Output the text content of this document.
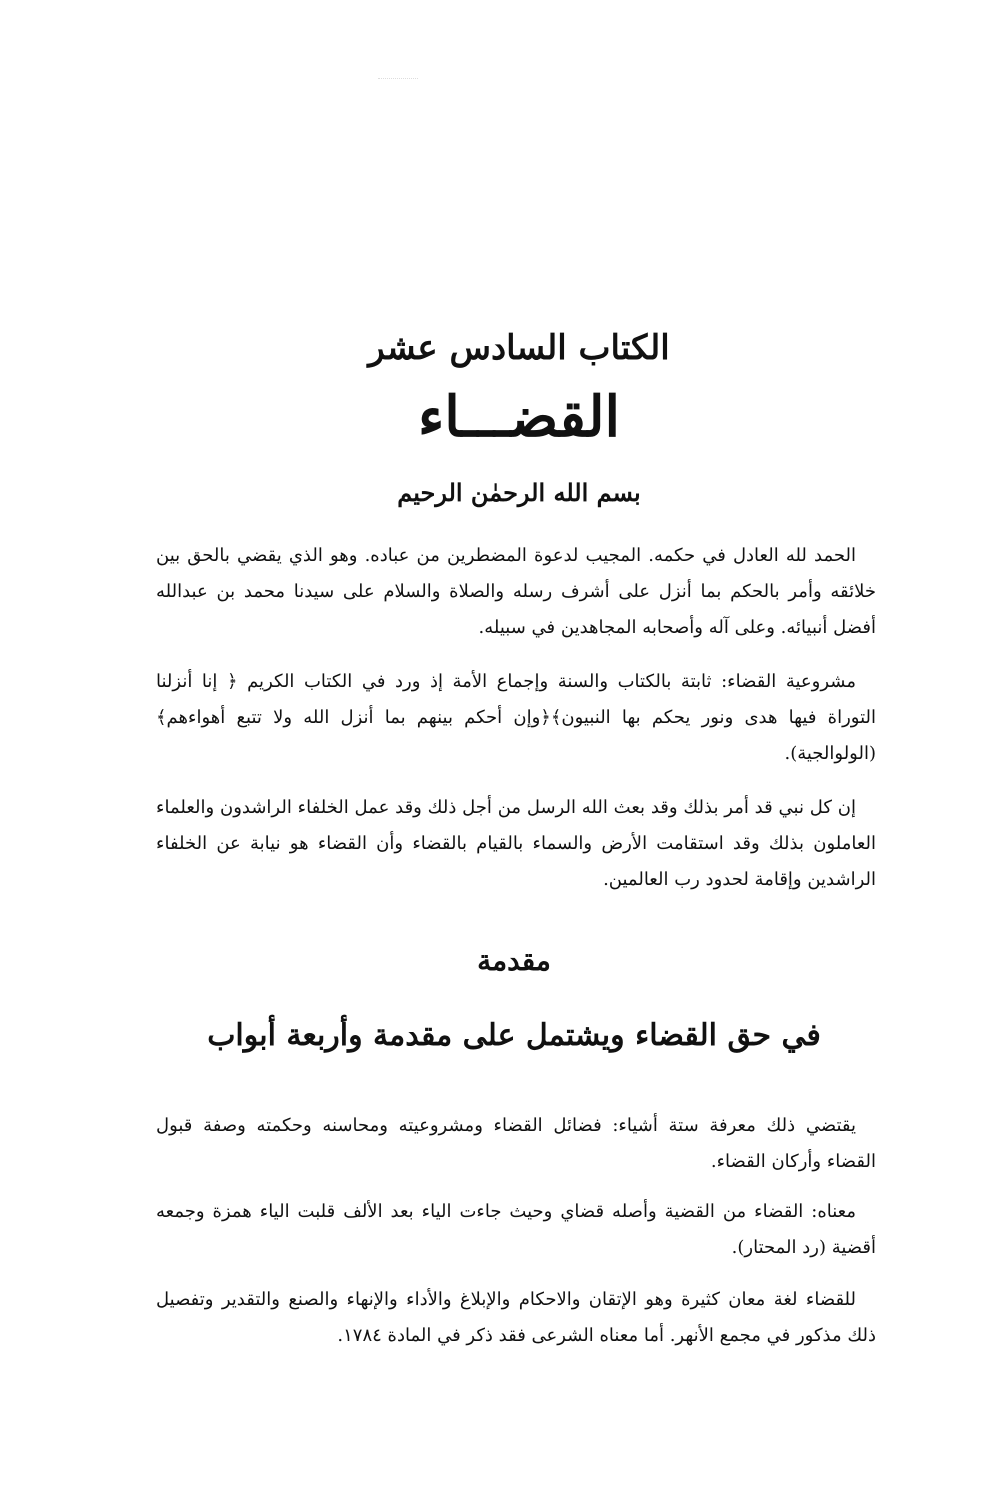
الكتاب السادس عشر
القضـــاء
بسم الله الرحمٰن الرحيم

الحمد لله العادل في حكمه. المجيب لدعوة المضطرين من عباده. وهو الذي يقضي بالحق بين خلائقه وأمر بالحكم بما أنزل على أشرف رسله والصلاة والسلام على سيدنا محمد بن عبدالله أفضل أنبيائه. وعلى آله وأصحابه المجاهدين في سبيله.

مشروعية القضاء: ثابتة بالكتاب والسنة وإجماع الأمة إذ ورد في الكتاب الكريم ﴿ إنا أنزلنا التوراة فيها هدى ونور يحكم بها النبيون﴾﴿وإن أحكم بينهم بما أنزل الله ولا تتبع أهواءهم﴾ (الولوالجية).

إن كل نبي قد أمر بذلك وقد بعث الله الرسل من أجل ذلك وقد عمل الخلفاء الراشدون والعلماء العاملون بذلك وقد استقامت الأرض والسماء بالقيام بالقضاء وأن القضاء هو نيابة عن الخلفاء الراشدين وإقامة لحدود رب العالمين.

مقدمة
في حق القضاء ويشتمل على مقدمة وأربعة أبواب

يقتضي ذلك معرفة ستة أشياء: فضائل القضاء ومشروعيته ومحاسنه وحكمته وصفة قبول القضاء وأركان القضاء.

معناه: القضاء من القضية وأصله قضاي وحيث جاءت الياء بعد الألف قلبت الياء همزة وجمعه أقضية (رد المحتار).

للقضاء لغة معان كثيرة وهو الإتقان والاحكام والإبلاغ والأداء والإنهاء والصنع والتقدير وتفصيل ذلك مذكور في مجمع الأنهر. أما معناه الشرعى فقد ذكر في المادة ١٧٨٤.
